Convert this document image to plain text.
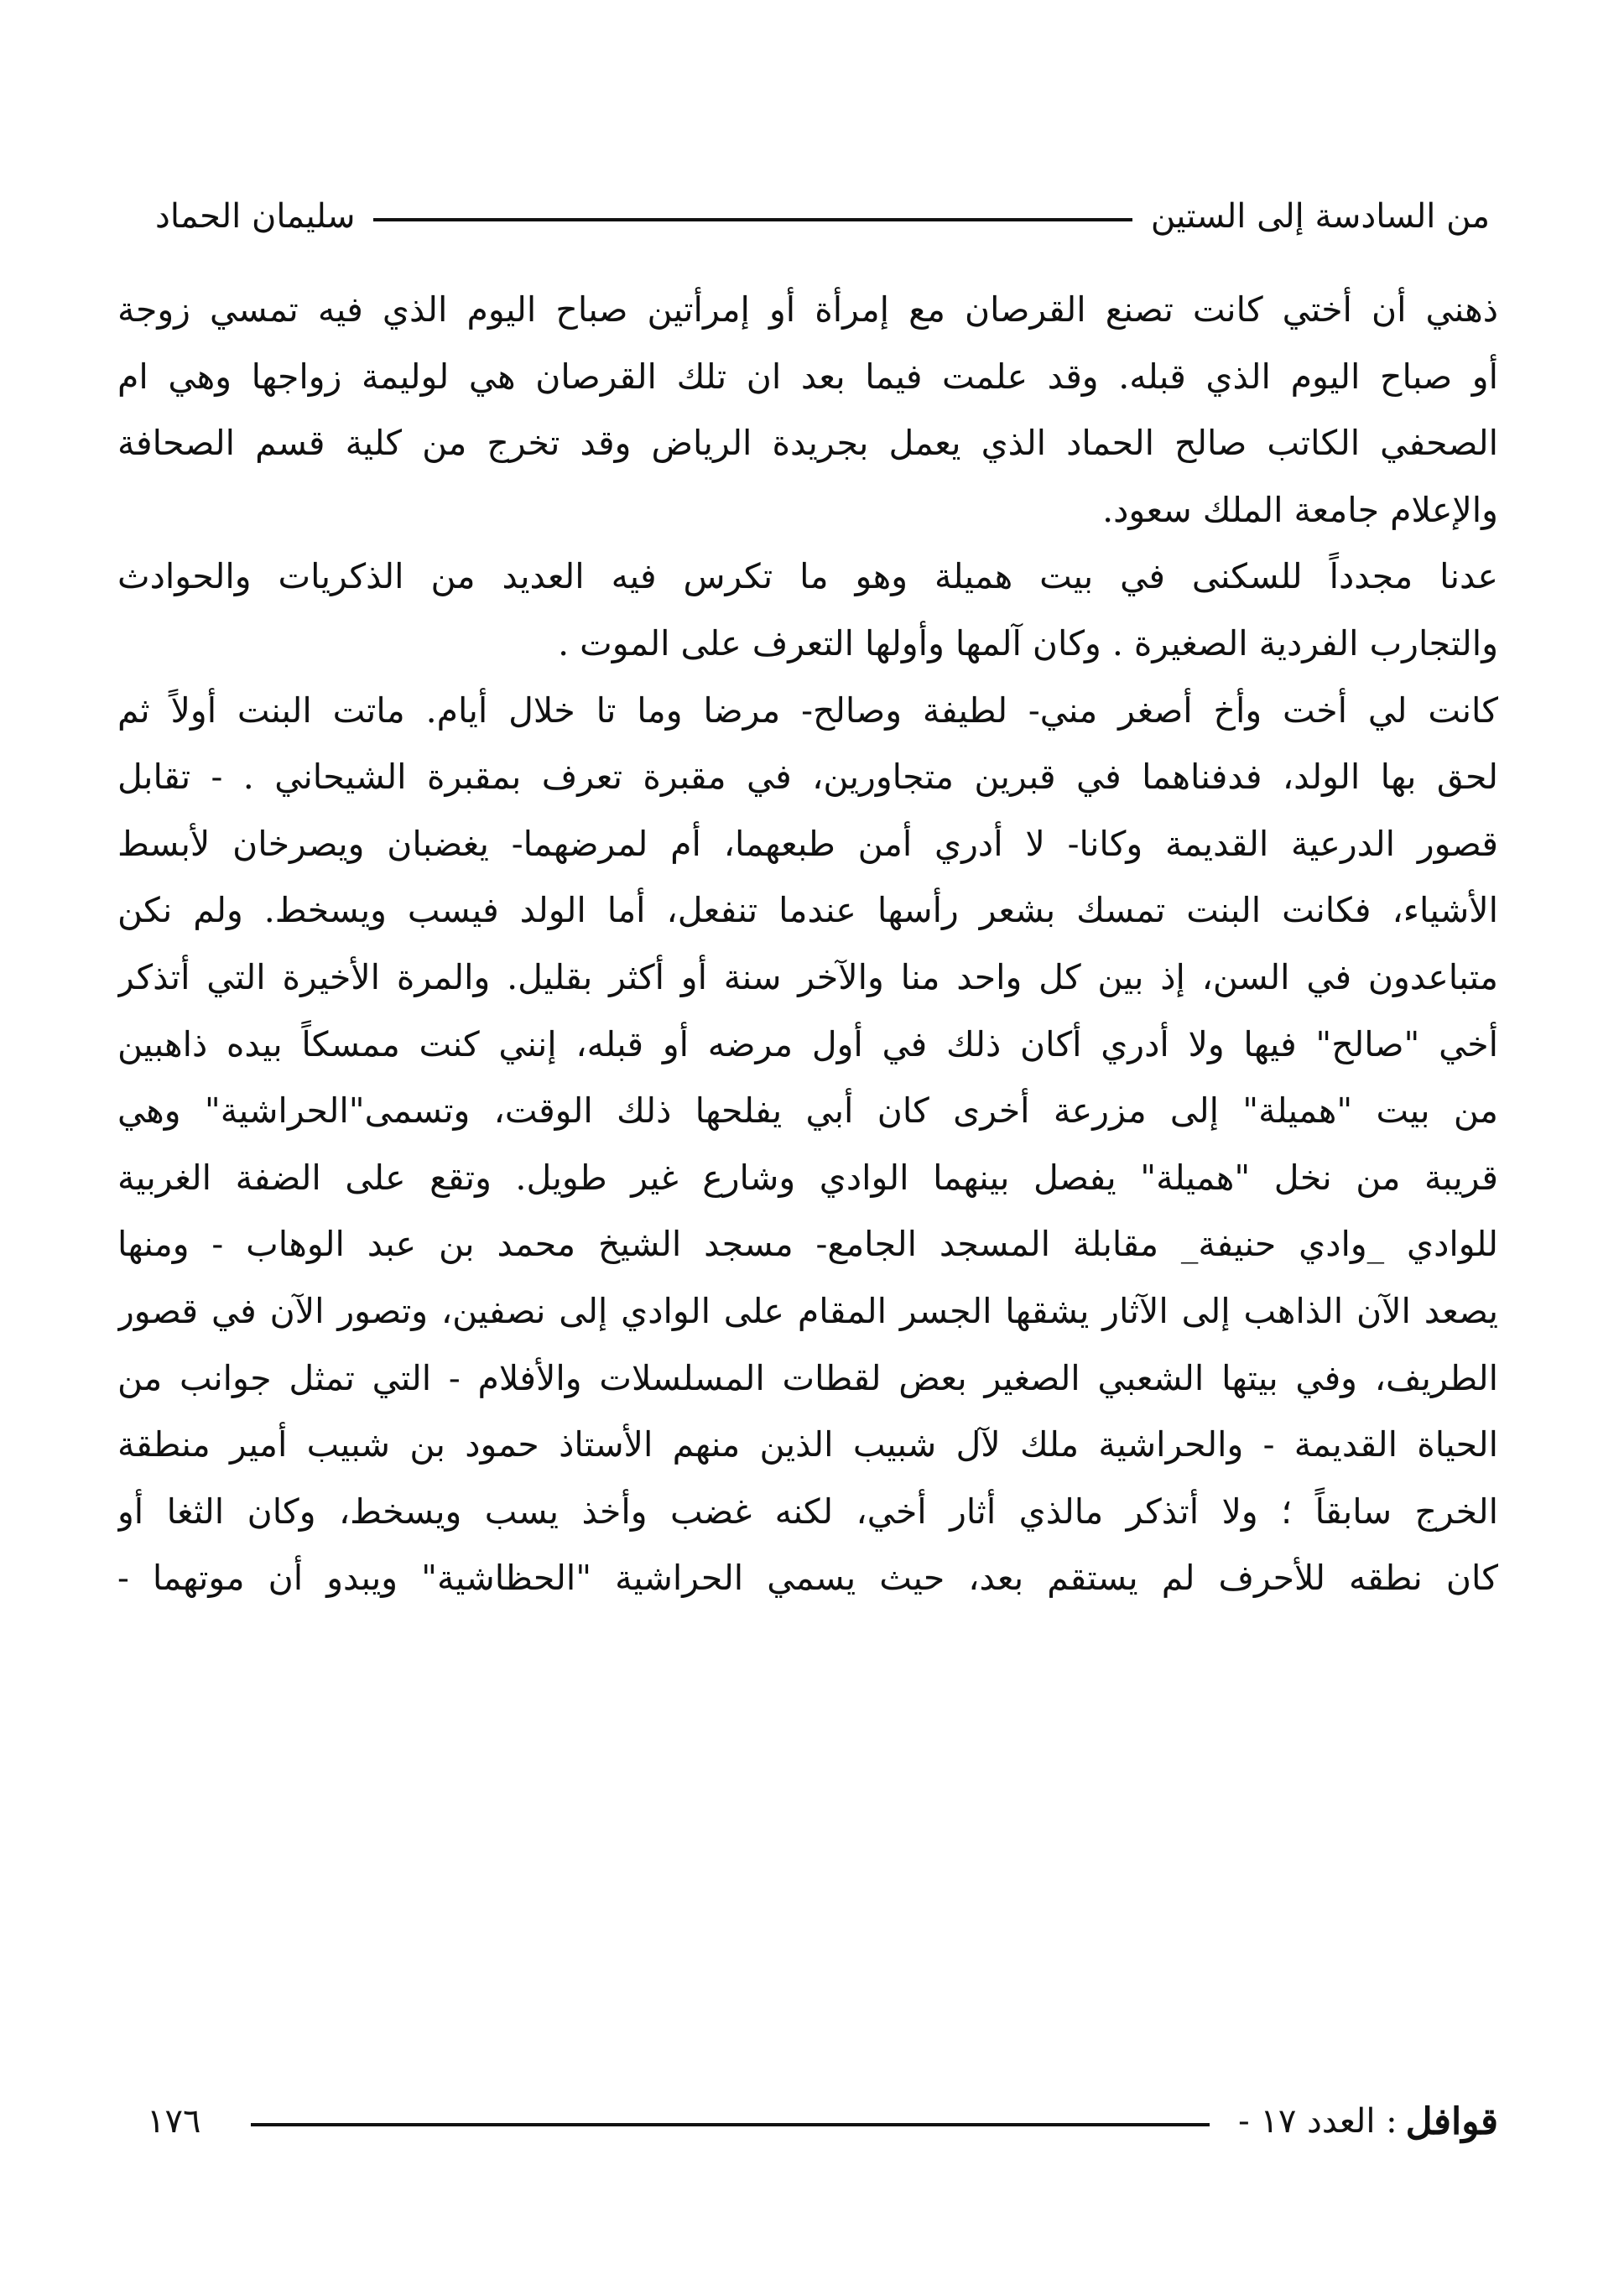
من السادسة إلى الستين
سليمان الحماد
ذهني أن أختي كانت تصنع القرصان مع إمرأة أو إمرأتين صباح اليوم الذي فيه تمسي زوجة
أو صباح اليوم الذي قبله. وقد علمت فيما بعد ان تلك القرصان هي لوليمة زواجها وهي ام
الصحفي الكاتب صالح الحماد الذي يعمل بجريدة الرياض وقد تخرج من كلية قسم الصحافة
والإعلام جامعة الملك سعود.
عدنا مجدداً للسكنى في بيت هميلة وهو ما تكرس فيه العديد من الذكريات والحوادث
والتجارب الفردية الصغيرة . وكان آلمها وأولها التعرف على الموت .
كانت لي أخت وأخ أصغر مني- لطيفة وصالح- مرضا وما تا خلال أيام. ماتت البنت أولاً ثم
لحق بها الولد، فدفناهما في قبرين متجاورين، في مقبرة تعرف بمقبرة الشيحاني . - تقابل
قصور الدرعية القديمة وكانا- لا أدري أمن طبعهما، أم لمرضهما- يغضبان ويصرخان لأبسط
الأشياء، فكانت البنت تمسك بشعر رأسها عندما تنفعل، أما الولد فيسب ويسخط. ولم نكن
متباعدون في السن، إذ بين كل واحد منا والآخر سنة أو أكثر بقليل. والمرة الأخيرة التي أتذكر
أخي "صالح" فيها ولا أدري أكان ذلك في أول مرضه أو قبله، إنني كنت ممسكاً بيده ذاهبين
من بيت "هميلة" إلى مزرعة أخرى كان أبي يفلحها ذلك الوقت، وتسمى"الحراشية" وهي
قريبة من نخل "هميلة" يفصل بينهما الوادي وشارع غير طويل. وتقع على الضفة الغربية
للوادي _وادي حنيفة_ مقابلة المسجد الجامع- مسجد الشيخ محمد بن عبد الوهاب - ومنها
يصعد الآن الذاهب إلى الآثار يشقها الجسر المقام على الوادي إلى نصفين، وتصور الآن في قصور
الطريف، وفي بيتها الشعبي الصغير بعض لقطات المسلسلات والأفلام - التي تمثل جوانب من
الحياة القديمة - والحراشية ملك لآل شبيب الذين منهم الأستاذ حمود بن شبيب أمير منطقة
الخرج سابقاً ؛ ولا أتذكر مالذي أثار أخي، لكنه غضب وأخذ يسب ويسخط، وكان الثغا أو
كان نطقه للأحرف لم يستقم بعد، حيث يسمي الحراشية "الحظاشية" ويبدو أن موتهما -
قوافل
: العدد ١٧ -
١٧٦
